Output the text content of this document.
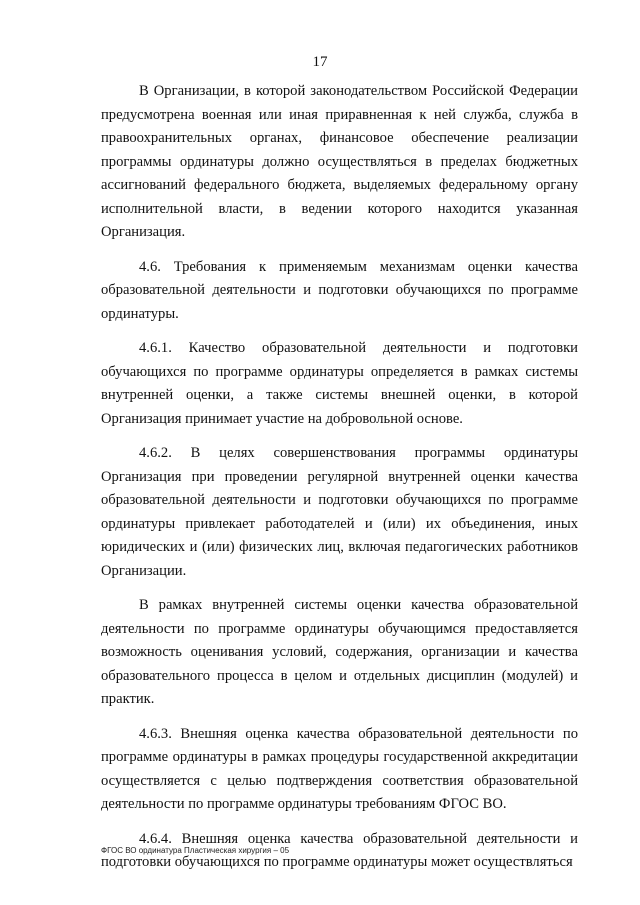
17

В Организации, в которой законодательством Российской Федерации предусмотрена военная или иная приравненная к ней служба, служба в правоохранительных органах, финансовое обеспечение реализации программы ординатуры должно осуществляться в пределах бюджетных ассигнований федерального бюджета, выделяемых федеральному органу исполнительной власти, в ведении которого находится указанная Организация.

4.6. Требования к применяемым механизмам оценки качества образовательной деятельности и подготовки обучающихся по программе ординатуры.

4.6.1. Качество образовательной деятельности и подготовки обучающихся по программе ординатуры определяется в рамках системы внутренней оценки, а также системы внешней оценки, в которой Организация принимает участие на добровольной основе.

4.6.2. В целях совершенствования программы ординатуры Организация при проведении регулярной внутренней оценки качества образовательной деятельности и подготовки обучающихся по программе ординатуры привлекает работодателей и (или) их объединения, иных юридических и (или) физических лиц, включая педагогических работников Организации.

В рамках внутренней системы оценки качества образовательной деятельности по программе ординатуры обучающимся предоставляется возможность оценивания условий, содержания, организации и качества образовательного процесса в целом и отдельных дисциплин (модулей) и практик.

4.6.3. Внешняя оценка качества образовательной деятельности по программе ординатуры в рамках процедуры государственной аккредитации осуществляется с целью подтверждения соответствия образовательной деятельности по программе ординатуры требованиям ФГОС ВО.

4.6.4. Внешняя оценка качества образовательной деятельности и подготовки обучающихся по программе ординатуры может осуществляться

ФГОС ВО ординатура Пластическая хирургия – 05
